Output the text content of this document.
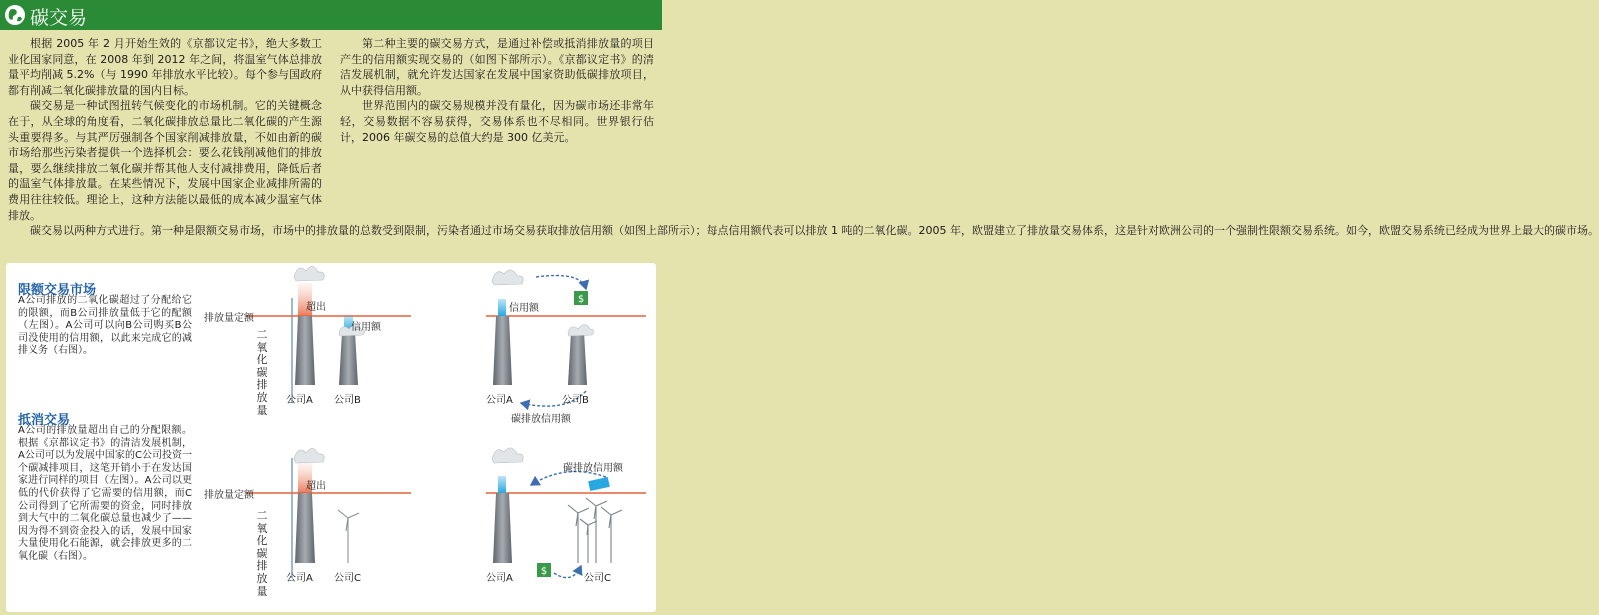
碳交易

根据 2005 年 2 月开始生效的《京都议定书》，绝大多数工业化国家同意，在 2008 年到 2012 年之间，将温室气体总排放量平均削减 5.2%（与 1990 年排放水平比较）。每个参与国政府都有削减二氧化碳排放量的国内目标。

碳交易是一种试图扭转气候变化的市场机制。它的关键概念在于，从全球的角度看，二氧化碳排放总量比二氧化碳的产生源头重要得多。与其严厉强制各个国家削减排放量，不如由新的碳市场给那些污染者提供一个选择机会：要么花钱削减他们的排放量，要么继续排放二氧化碳并帮其他人支付减排费用，降低后者的温室气体排放量。在某些情况下，发展中国家企业减排所需的费用往往较低。理论上，这种方法能以最低的成本减少温室气体排放。

碳交易以两种方式进行。第一种是限额交易市场，市场中的排放量的总数受到限制，污染者通过市场交易获取排放信用额（如图上部所示）；每点信用额代表可以排放 1 吨的二氧化碳。2005 年，欧盟建立了排放量交易体系，这是针对欧洲公司的一个强制性限额交易系统。如今，欧盟交易系统已经成为世界上最大的碳市场。

第二种主要的碳交易方式，是通过补偿或抵消排放量的项目产生的信用额实现交易的（如图下部所示）。《京都议定书》的清洁发展机制，就允许发达国家在发展中国家资助低碳排放项目，从中获得信用额。

世界范围内的碳交易规模并没有量化，因为碳市场还非常年轻，交易数据不容易获得，交易体系也不尽相同。世界银行估计，2006 年碳交易的总值大约是 300 亿美元。

$
$
限额交易市场
A公司排放的二氧化碳超过了分配给它的限额，而B公司排放量低于它的配额（左图）。A公司可以向B公司购买B公司没使用的信用额，以此来完成它的减排义务（右图）。
抵消交易
A公司的排放量超出自己的分配限额。根据《京都议定书》的清洁发展机制，A公司可以为发展中国家的C公司投资一个碳减排项目，这笔开销小于在发达国家进行同样的项目（左图）。A公司以更低的代价获得了它需要的信用额，而C公司得到了它所需要的资金，同时排放到大气中的二氧化碳总量也减少了——因为得不到资金投入的话，发展中国家大量使用化石能源，就会排放更多的二氧化碳（右图）。
排放量定额
排放量定额
超出
超出
信用额
信用额
二氧化碳排放量
二氧化碳排放量
公司A 公司B	公司A	公司B
公司A 公司C	公司A	公司C
碳排放信用额
碳排放信用额
